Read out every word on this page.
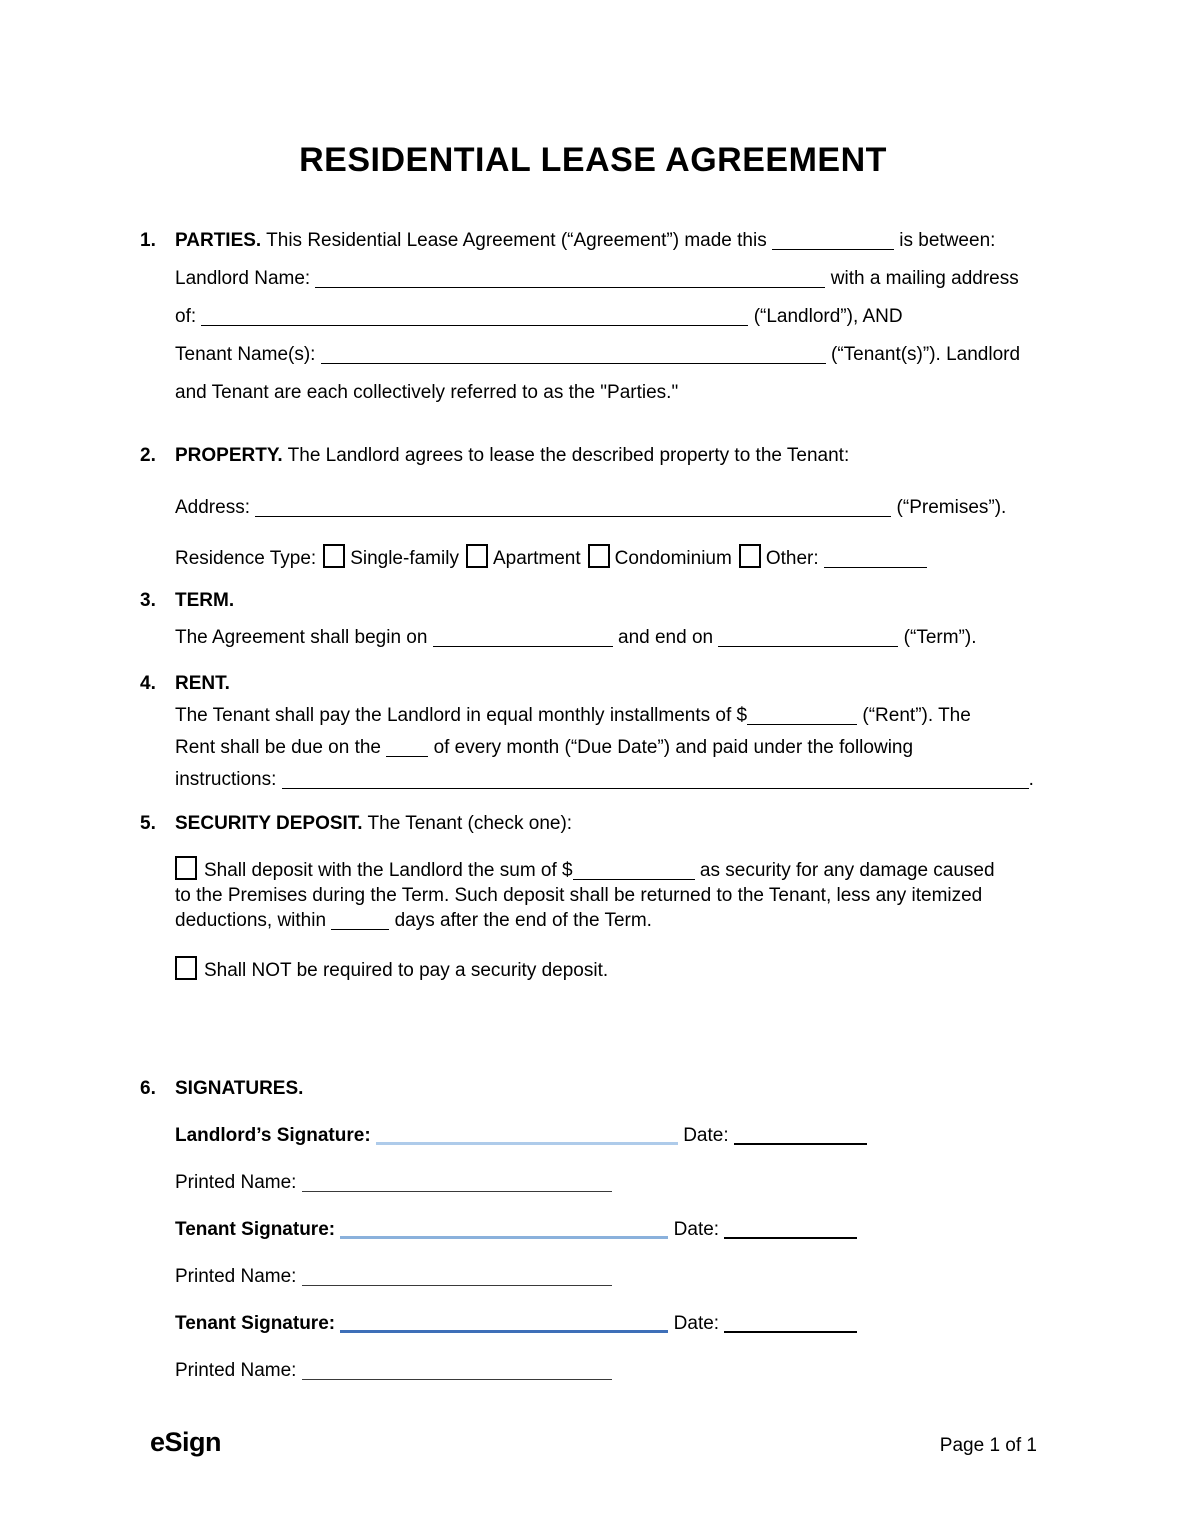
RESIDENTIAL LEASE AGREEMENT
1.	PARTIES. This Residential Lease Agreement (“Agreement”) made this	is between:
Landlord Name:	with a mailing address
of:	(“Landlord”), AND
Tenant Name(s):	(“Tenant(s)”). Landlord
and Tenant are each collectively referred to as the "Parties."
2.	PROPERTY. The Landlord agrees to lease the described property to the Tenant:
Address:	(“Premises”).
Residence Type: Single-family Apartment Condominium Other:
3.	TERM.
The Agreement shall begin on	and end on	(“Term”).
4.	RENT.
The Tenant shall pay the Landlord in equal monthly installments of $	(“Rent”). The
Rent shall be due on the	of every month (“Due Date”) and paid under the following
instructions:	.
5.	SECURITY DEPOSIT. The Tenant (check one):
Shall deposit with the Landlord the sum of $	as security for any damage caused
to the Premises during the Term. Such deposit shall be returned to the Tenant, less any itemized
deductions, within	days after the end of the Term.
Shall NOT be required to pay a security deposit.
6.	SIGNATURES.
Landlord’s Signature:	Date:
Printed Name:
Tenant Signature:	Date:
Printed Name:
Tenant Signature:	Date:
Printed Name:
eSign	Page 1 of 1
